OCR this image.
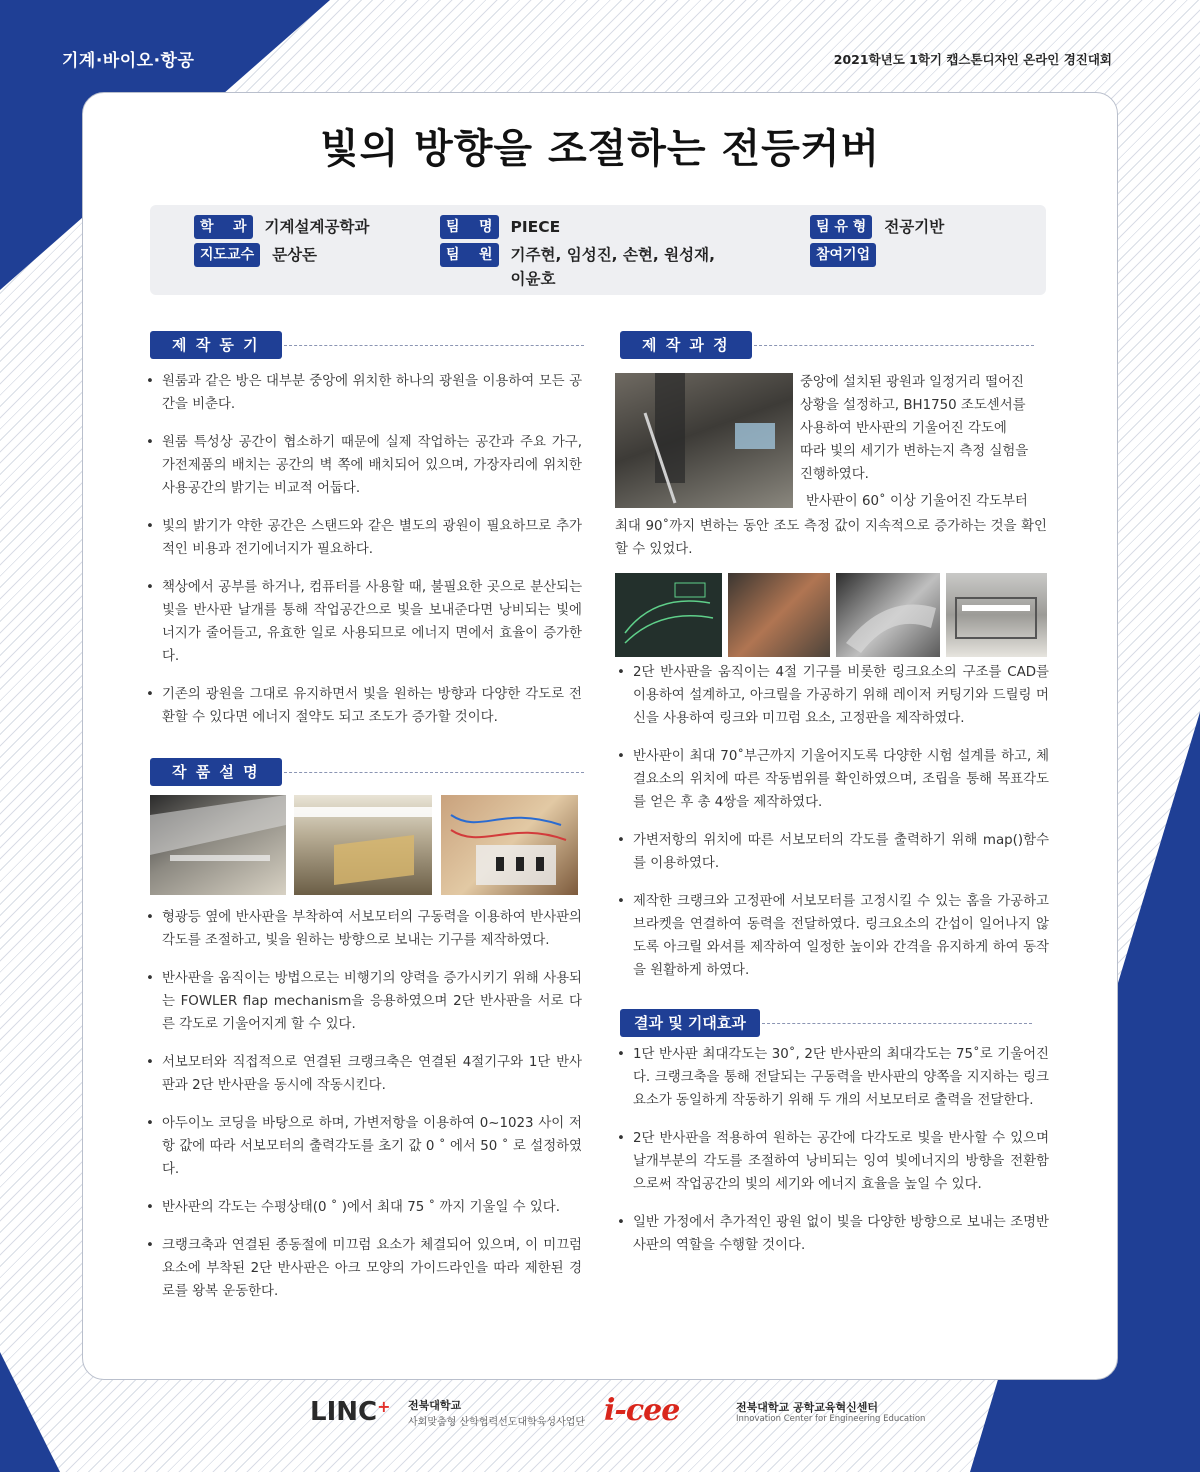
기계·바이오·항공	2021학년도 1학기 캡스톤디자인 온라인 경진대회
빛의 방향을 조절하는 전등커버
학    과	기계설계공학과
지도교수	문상돈
팀    명	PIECE
팀    원	기주현, 임성진, 손현, 원성재,
이윤호
팀 유 형	전공기반
참여기업
제 작 동 기
• 원룸과 같은 방은 대부분 중앙에 위치한 하나의 광원을 이용하여 모든 공간을 비춘다.
• 원룸 특성상 공간이 협소하기 때문에 실제 작업하는 공간과 주요 가구, 가전제품의 배치는 공간의 벽 쪽에 배치되어 있으며, 가장자리에 위치한 사용공간의 밝기는 비교적 어둡다.
• 빛의 밝기가 약한 공간은 스탠드와 같은 별도의 광원이 필요하므로 추가적인 비용과 전기에너지가 필요하다.
• 책상에서 공부를 하거나, 컴퓨터를 사용할 때, 불필요한 곳으로 분산되는 빛을 반사판 날개를 통해 작업공간으로 빛을 보내준다면 낭비되는 빛에너지가 줄어들고, 유효한 일로 사용되므로 에너지 면에서 효율이 증가한다.
• 기존의 광원을 그대로 유지하면서 빛을 원하는 방향과 다양한 각도로 전환할 수 있다면 에너지 절약도 되고 조도가 증가할 것이다.
작 품 설 명
• 형광등 옆에 반사판을 부착하여 서보모터의 구동력을 이용하여 반사판의 각도를 조절하고, 빛을 원하는 방향으로 보내는 기구를 제작하였다.
• 반사판을 움직이는 방법으로는 비행기의 양력을 증가시키기 위해 사용되는 FOWLER flap mechanism을 응용하였으며 2단 반사판을 서로 다른 각도로 기울어지게 할 수 있다.
• 서보모터와 직접적으로 연결된 크랭크축은 연결된 4절기구와 1단 반사판과 2단 반사판을 동시에 작동시킨다.
• 아두이노 코딩을 바탕으로 하며, 가변저항을 이용하여 0~1023 사이 저항 값에 따라 서보모터의 출력각도를 초기 값 0 ˚ 에서 50 ˚ 로 설정하였다.
• 반사판의 각도는 수평상태(0 ˚ )에서 최대 75 ˚ 까지 기울일 수 있다.
• 크랭크축과 연결된 종동절에 미끄럼 요소가 체결되어 있으며, 이 미끄럼 요소에 부착된 2단 반사판은 아크 모양의 가이드라인을 따라 제한된 경로를 왕복 운동한다.
제 작 과 정
중앙에 설치된 광원과 일정거리 떨어진
상황을 설정하고, BH1750 조도센서를
사용하여 반사판의 기울어진 각도에
따라 빛의 세기가 변하는지 측정 실험을
진행하였다.
반사판이 60˚ 이상 기울어진 각도부터
최대 90˚까지 변하는 동안 조도 측정 값이 지속적으로 증가하는 것을 확인할 수 있었다.
• 2단 반사판을 움직이는 4절 기구를 비롯한 링크요소의 구조를 CAD를 이용하여 설계하고, 아크릴을 가공하기 위해 레이저 커팅기와 드릴링 머신을 사용하여 링크와 미끄럼 요소, 고정판을 제작하였다.
• 반사판이 최대 70˚부근까지 기울어지도록 다양한 시험 설계를 하고, 체결요소의 위치에 따른 작동범위를 확인하였으며, 조립을 통해 목표각도를 얻은 후 총 4쌍을 제작하였다.
• 가변저항의 위치에 따른 서보모터의 각도를 출력하기 위해 map()함수를 이용하였다.
• 제작한 크랭크와 고정판에 서보모터를 고정시킬 수 있는 홈을 가공하고 브라켓을 연결하여 동력을 전달하였다. 링크요소의 간섭이 일어나지 않도록 아크릴 와셔를 제작하여 일정한 높이와 간격을 유지하게 하여 동작을 원활하게 하였다.
결과 및 기대효과
• 1단 반사판 최대각도는 30˚, 2단 반사판의 최대각도는 75˚로 기울어진다. 크랭크축을 통해 전달되는 구동력을 반사판의 양쪽을 지지하는 링크요소가 동일하게 작동하기 위해 두 개의 서보모터로 출력을 전달한다.
• 2단 반사판을 적용하여 원하는 공간에 다각도로 빛을 반사할 수 있으며 날개부분의 각도를 조절하여 낭비되는 잉여 빛에너지의 방향을 전환함으로써 작업공간의 빛의 세기와 에너지 효율을 높일 수 있다.
• 일반 가정에서 추가적인 광원 없이 빛을 다양한 방향으로 보내는 조명반사판의 역할을 수행할 것이다.
LINC+ 전북대학교
사회맞춤형 산학협력선도대학육성사업단 i-cee	전북대학교 공학교육혁신센터
Innovation Center for Engineering Education
